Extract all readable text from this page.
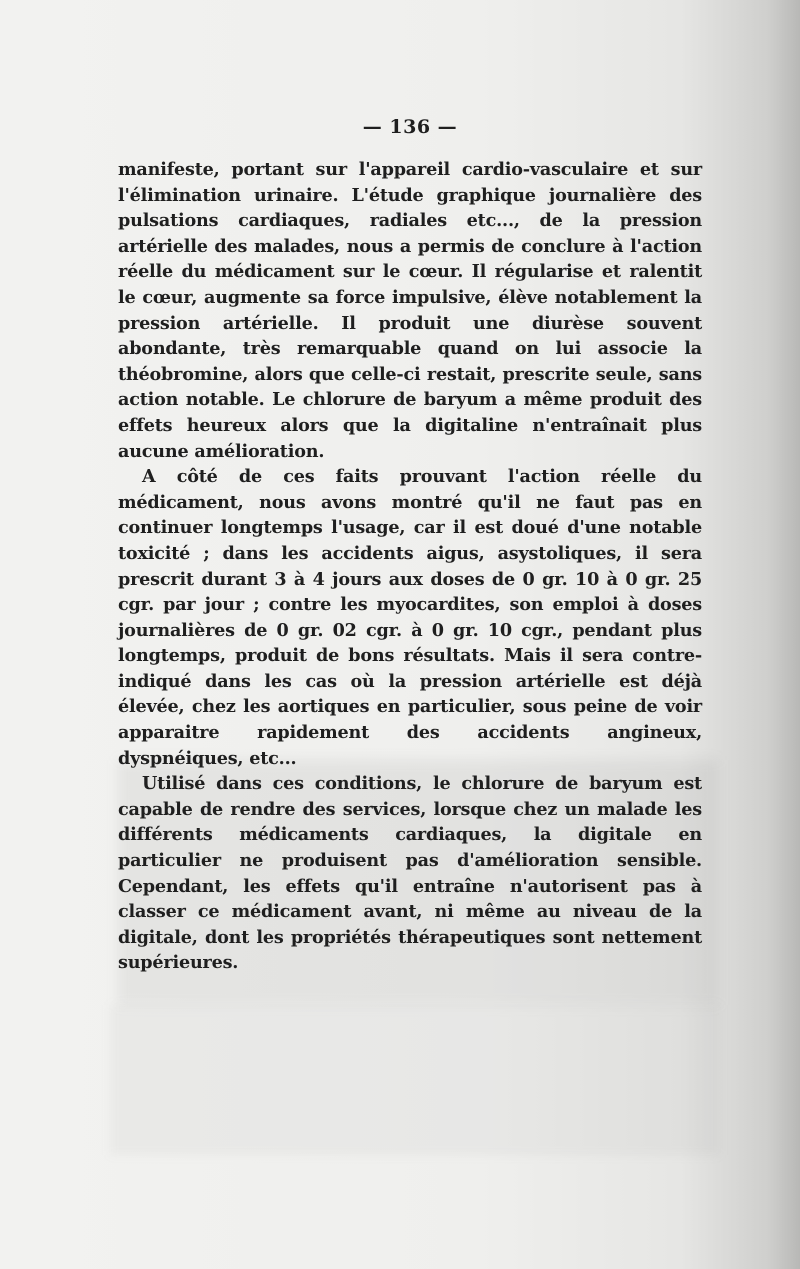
— 136 —

manifeste, portant sur l'appareil cardio-vasculaire et sur l'élimination urinaire. L'étude graphique journalière des pulsations cardiaques, radiales etc..., de la pression artérielle des malades, nous a permis de conclure à l'action réelle du médicament sur le cœur. Il régularise et ralentit le cœur, augmente sa force impulsive, élève notablement la pression artérielle. Il produit une diurèse souvent abondante, très remarquable quand on lui associe la théobromine, alors que celle-ci restait, prescrite seule, sans action notable. Le chlorure de baryum a même produit des effets heureux alors que la digitaline n'entraînait plus aucune amélioration.

A côté de ces faits prouvant l'action réelle du médicament, nous avons montré qu'il ne faut pas en continuer longtemps l'usage, car il est doué d'une notable toxicité ; dans les accidents aigus, asystoliques, il sera prescrit durant 3 à 4 jours aux doses de 0 gr. 10 à 0 gr. 25 cgr. par jour ; contre les myocardites, son emploi à doses journalières de 0 gr. 02 cgr. à 0 gr. 10 cgr., pendant plus longtemps, produit de bons résultats. Mais il sera contre-indiqué dans les cas où la pression artérielle est déjà élevée, chez les aortiques en particulier, sous peine de voir apparaitre rapidement des accidents angineux, dyspnéiques, etc...

Utilisé dans ces conditions, le chlorure de baryum est capable de rendre des services, lorsque chez un malade les différents médicaments cardiaques, la digitale en particulier ne produisent pas d'amélioration sensible. Cependant, les effets qu'il entraîne n'autorisent pas à classer ce médicament avant, ni même au niveau de la digitale, dont les propriétés thérapeutiques sont nettement supérieures.
